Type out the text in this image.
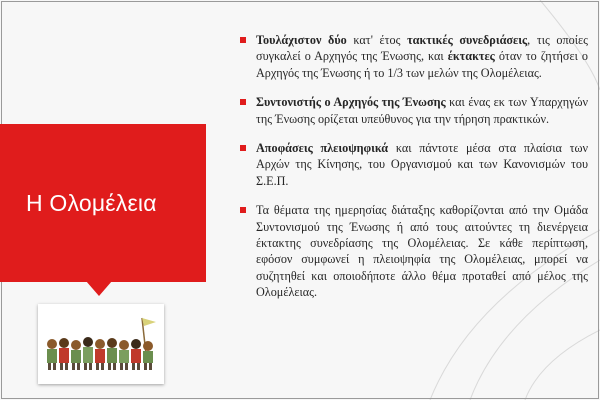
Η Ολομέλεια
Τουλάχιστον δύο κατ' έτος τακτικές συνεδριάσεις, τις οποίες συγκαλεί ο Αρχηγός της Ένωσης, και έκτακτες όταν το ζητήσει ο Αρχηγός της Ένωσης ή το 1/3 των μελών της Ολομέλειας.
Συντονιστής ο Αρχηγός της Ένωσης και ένας εκ των Υπαρχηγών της Ένωσης ορίζεται υπεύθυνος για την τήρηση πρακτικών.
Αποφάσεις πλειοψηφικά και πάντοτε μέσα στα πλαίσια των Αρχών της Κίνησης, του Οργανισμού και των Κανονισμών του Σ.Ε.Π.
Τα θέματα της ημερησίας διάταξης καθορίζονται από την Ομάδα Συντονισμού της Ένωσης ή από τους αιτούντες τη διενέργεια έκτακτης συνεδρίασης της Ολομέλειας. Σε κάθε περίπτωση, εφόσον συμφωνεί η πλειοψηφία της Ολομέλειας, μπορεί να συζητηθεί και οποιοδήποτε άλλο θέμα προταθεί από μέλος της Ολομέλειας.
